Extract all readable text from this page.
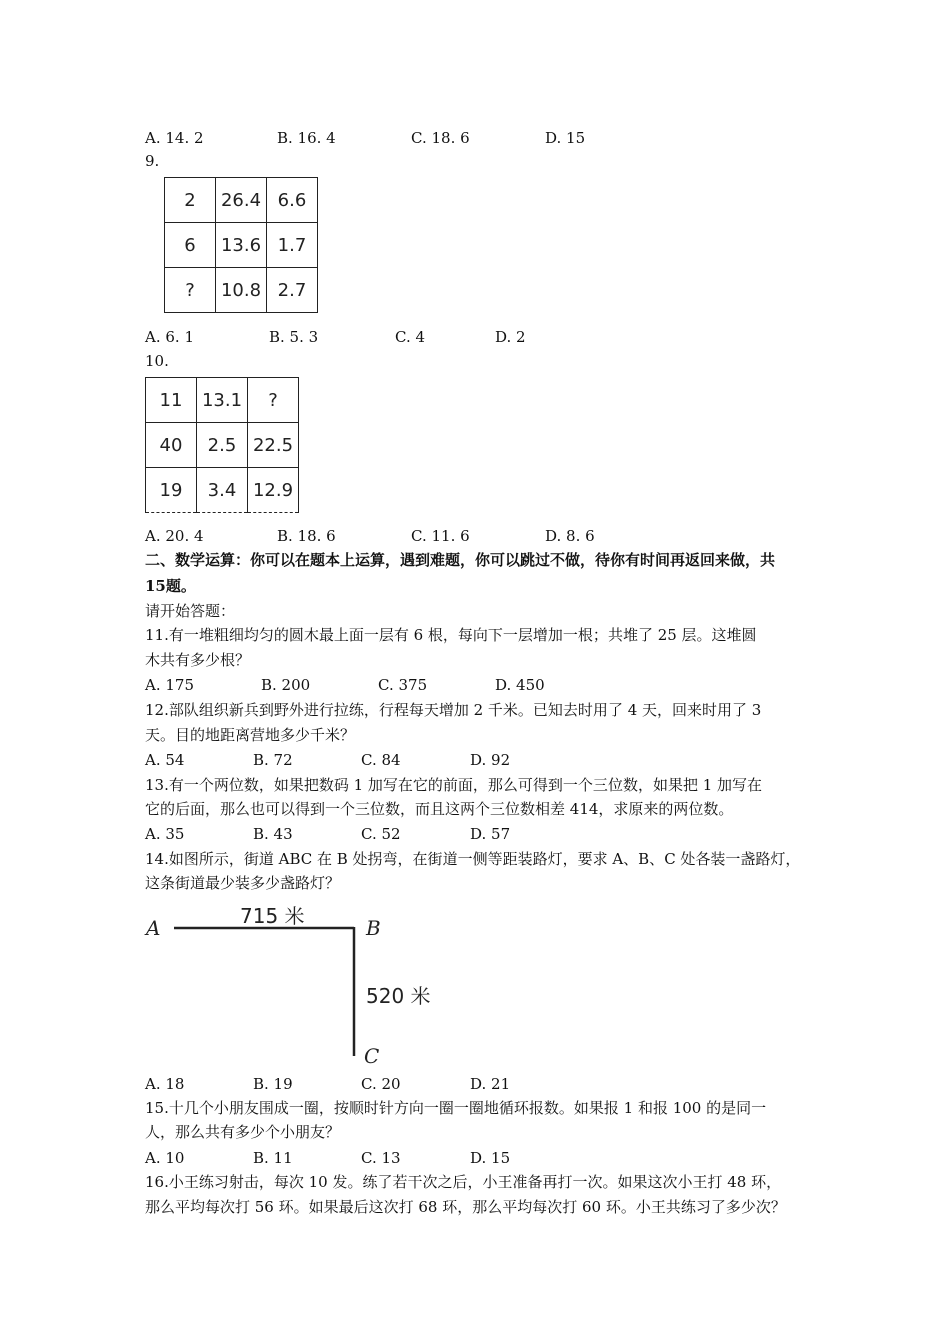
A. 14. 2	B. 16. 4	C. 18. 6	D. 15
9.
2	26.4	6.6
6	13.6	1.7
?	10.8	2.7
A. 6. 1	B. 5. 3	C. 4	D. 2
10.
11	13.1	?
40	2.5	22.5
19	3.4	12.9
A. 20. 4	B. 18. 6	C. 11. 6	D. 8. 6
二、数学运算：你可以在题本上运算，遇到难题，你可以跳过不做，待你有时间再返回来做，共
15题。
请开始答题：
11.有一堆粗细均匀的圆木最上面一层有 6 根，每向下一层增加一根；共堆了 25 层。这堆圆
木共有多少根？
A. 175	B. 200	C. 375	D. 450
12.部队组织新兵到野外进行拉练，行程每天增加 2 千米。已知去时用了 4 天，回来时用了 3
天。目的地距离营地多少千米？
A. 54	B. 72	C. 84	D. 92
13.有一个两位数，如果把数码 1 加写在它的前面，那么可得到一个三位数，如果把 1 加写在
它的后面，那么也可以得到一个三位数，而且这两个三位数相差 414，求原来的两位数。
A. 35	B. 43	C. 52	D. 57
14.如图所示，街道 ABC 在 B 处拐弯，在街道一侧等距装路灯，要求 A、B、C 处各装一盏路灯，
这条街道最少装多少盏路灯？
A	715 米	B
520 米
C
A. 18	B. 19	C. 20	D. 21
15.十几个小朋友围成一圈，按顺时针方向一圈一圈地循环报数。如果报 1 和报 100 的是同一
人，那么共有多少个小朋友？
A. 10	B. 11	C. 13	D. 15
16.小王练习射击，每次 10 发。练了若干次之后，小王准备再打一次。如果这次小王打 48 环，
那么平均每次打 56 环。如果最后这次打 68 环，那么平均每次打 60 环。小王共练习了多少次？
